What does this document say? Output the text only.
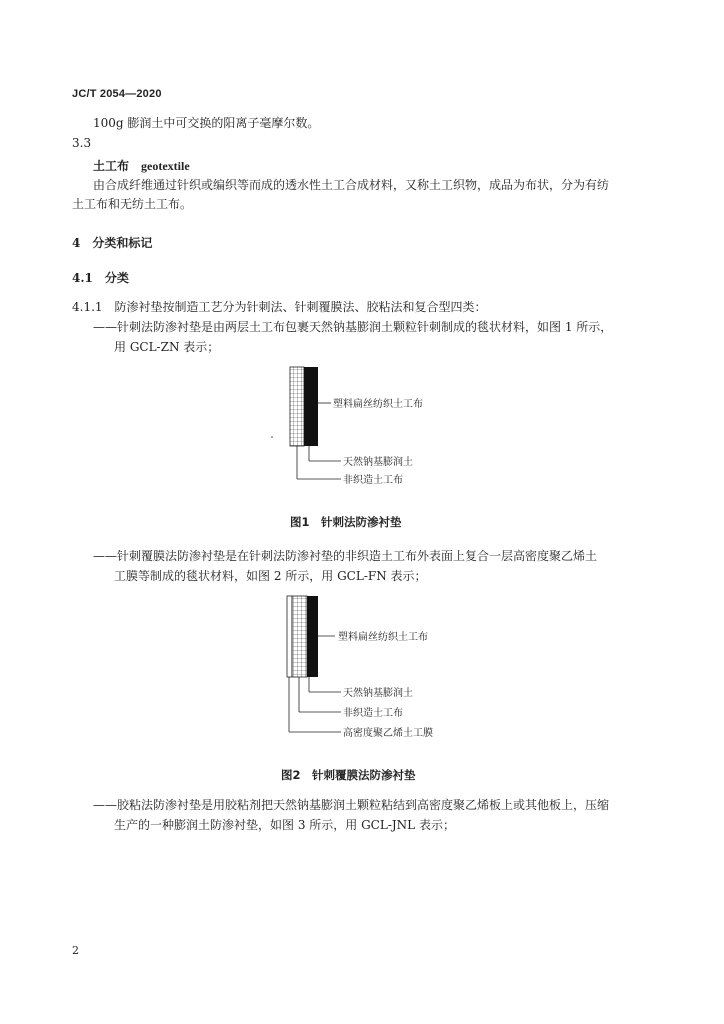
JC/T 2054—2020
100g 膨润土中可交换的阳离子毫摩尔数。
3.3
土工布　 geotextile
由合成纤维通过针织或编织等而成的透水性土工合成材料，又称土工织物，成品为布状，分为有纺
土工布和无纺土工布。
4　分类和标记
4.1　分类
4.1.1　防渗衬垫按制造工艺分为针刺法、针刺覆膜法、胶粘法和复合型四类：
——针刺法防渗衬垫是由两层土工布包裹天然钠基膨润土颗粒针刺制成的毯状材料，如图 1 所示，
用 GCL-ZN 表示；
塑料扁丝纺织土工布
天然钠基膨润土
非织造土工布
图1　针刺法防渗衬垫
——针刺覆膜法防渗衬垫是在针刺法防渗衬垫的非织造土工布外表面上复合一层高密度聚乙烯土
工膜等制成的毯状材料，如图 2 所示，用 GCL-FN 表示；
塑料扁丝纺织土工布
天然钠基膨润土
非织造土工布
高密度聚乙烯土工膜
图2　针刺覆膜法防渗衬垫
——胶粘法防渗衬垫是用胶粘剂把天然钠基膨润土颗粒粘结到高密度聚乙烯板上或其他板上，压缩
生产的一种膨润土防渗衬垫，如图 3 所示，用 GCL-JNL 表示；
2
